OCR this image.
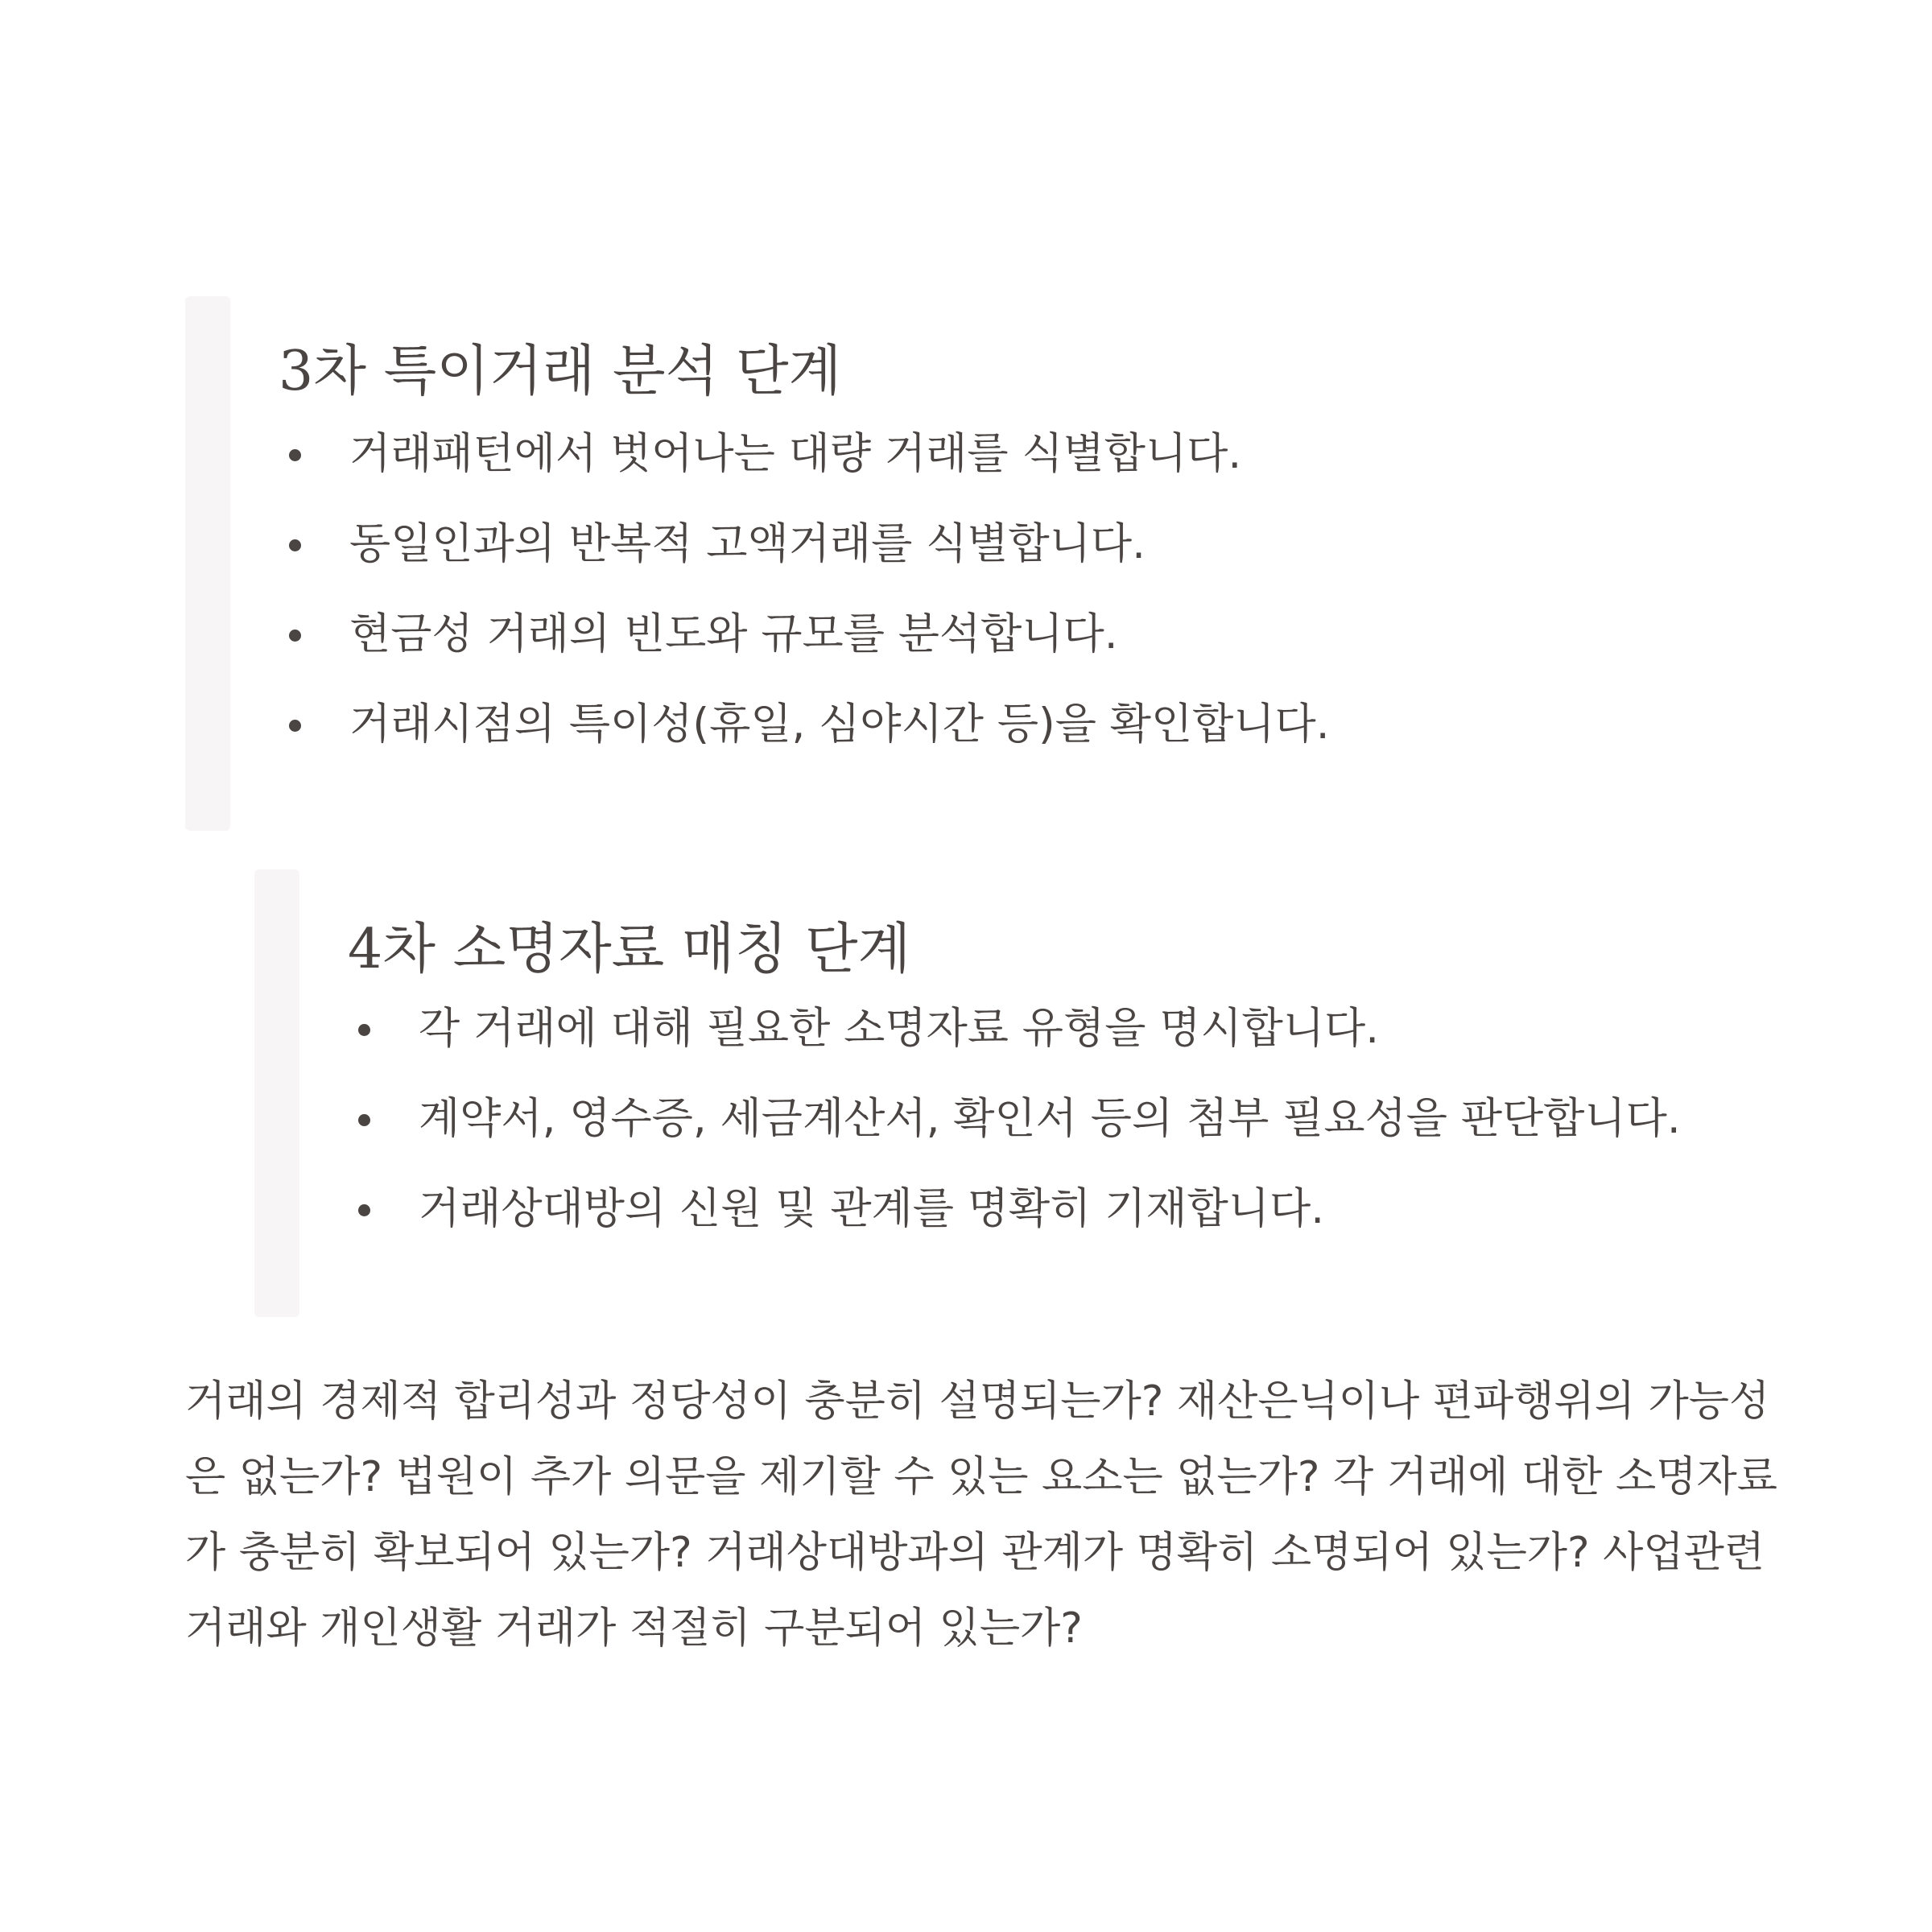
3차 특이거래 분석 단계
거래패턴에서 벗어나는 대량 거래를 식별합니다.
동일인과의 반복적 고액거래를 식별합니다.
현금성 거래의 빈도와 규모를 분석합니다.
거래시점의 특이성(휴일, 심야시간 등)을 확인합니다.
4차 소명자료 매칭 단계
각 거래에 대해 필요한 소명자료 유형을 명시합니다.
계약서, 영수증, 세금계산서, 확인서 등의 첨부 필요성을 판단합니다.
거래상대방의 신원 및 관계를 명확히 기재합니다.

거래의 경제적 합리성과 정당성이 충분히 설명되는가? 재산은닉이나 편파행위의 가능성은 없는가? 법원이 추가 의문을 제기할 수 있는 요소는 없는가? 각 거래에 대한 소명자료가 충분히 확보되어 있는가? 거래상대방과의 관계가 명확히 소명되어 있는가? 사업관련 거래와 개인생활 거래가 적절히 구분되어 있는가?
